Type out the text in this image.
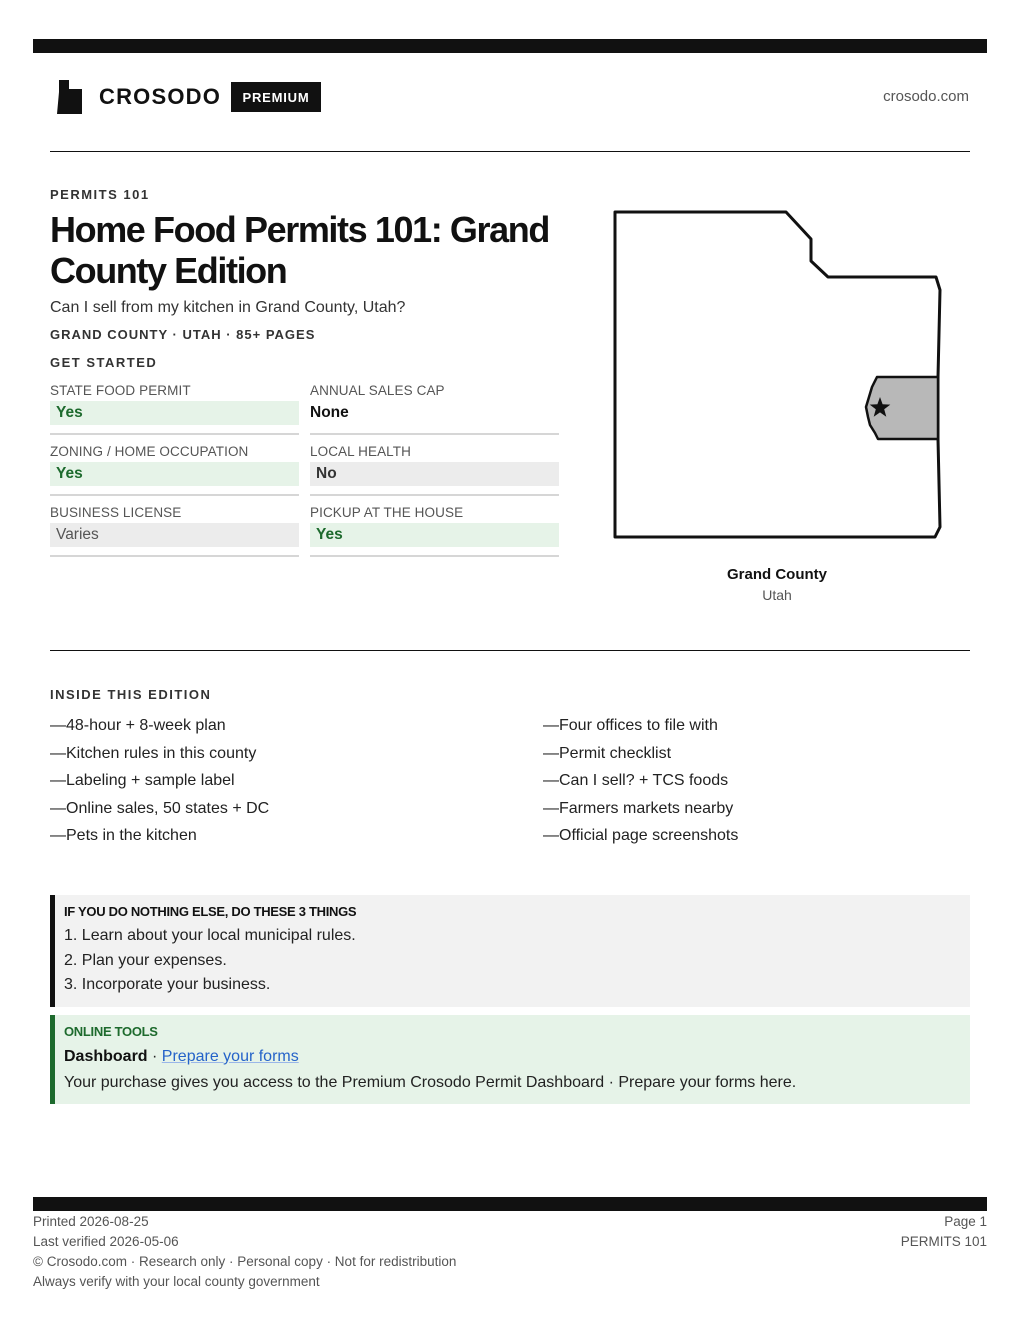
CROSODO	PREMIUM	crosodo.com
PERMITS 101
Home Food Permits 101: Grand County Edition
Can I sell from my kitchen in Grand County, Utah?
GRAND COUNTY · UTAH · 85+ PAGES
GET STARTED
STATE FOOD PERMIT
Yes
ANNUAL SALES CAP
None
ZONING / HOME OCCUPATION
Yes
LOCAL HEALTH
No
BUSINESS LICENSE
Varies
PICKUP AT THE HOUSE
Yes
Grand County
Utah
INSIDE THIS EDITION
—48-hour + 8-week plan
—Kitchen rules in this county
—Labeling + sample label
—Online sales, 50 states + DC
—Pets in the kitchen
—Four offices to file with
—Permit checklist
—Can I sell? + TCS foods
—Farmers markets nearby
—Official page screenshots
IF YOU DO NOTHING ELSE, DO THESE 3 THINGS
1. Learn about your local municipal rules.
2. Plan your expenses.
3. Incorporate your business.
ONLINE TOOLS
Dashboard · Prepare your forms
Your purchase gives you access to the Premium Crosodo Permit Dashboard · Prepare your forms here.
Printed 2026-08-25
Last verified 2026-05-06
© Crosodo.com · Research only · Personal copy · Not for redistribution
Always verify with your local county government
Page 1
PERMITS 101
